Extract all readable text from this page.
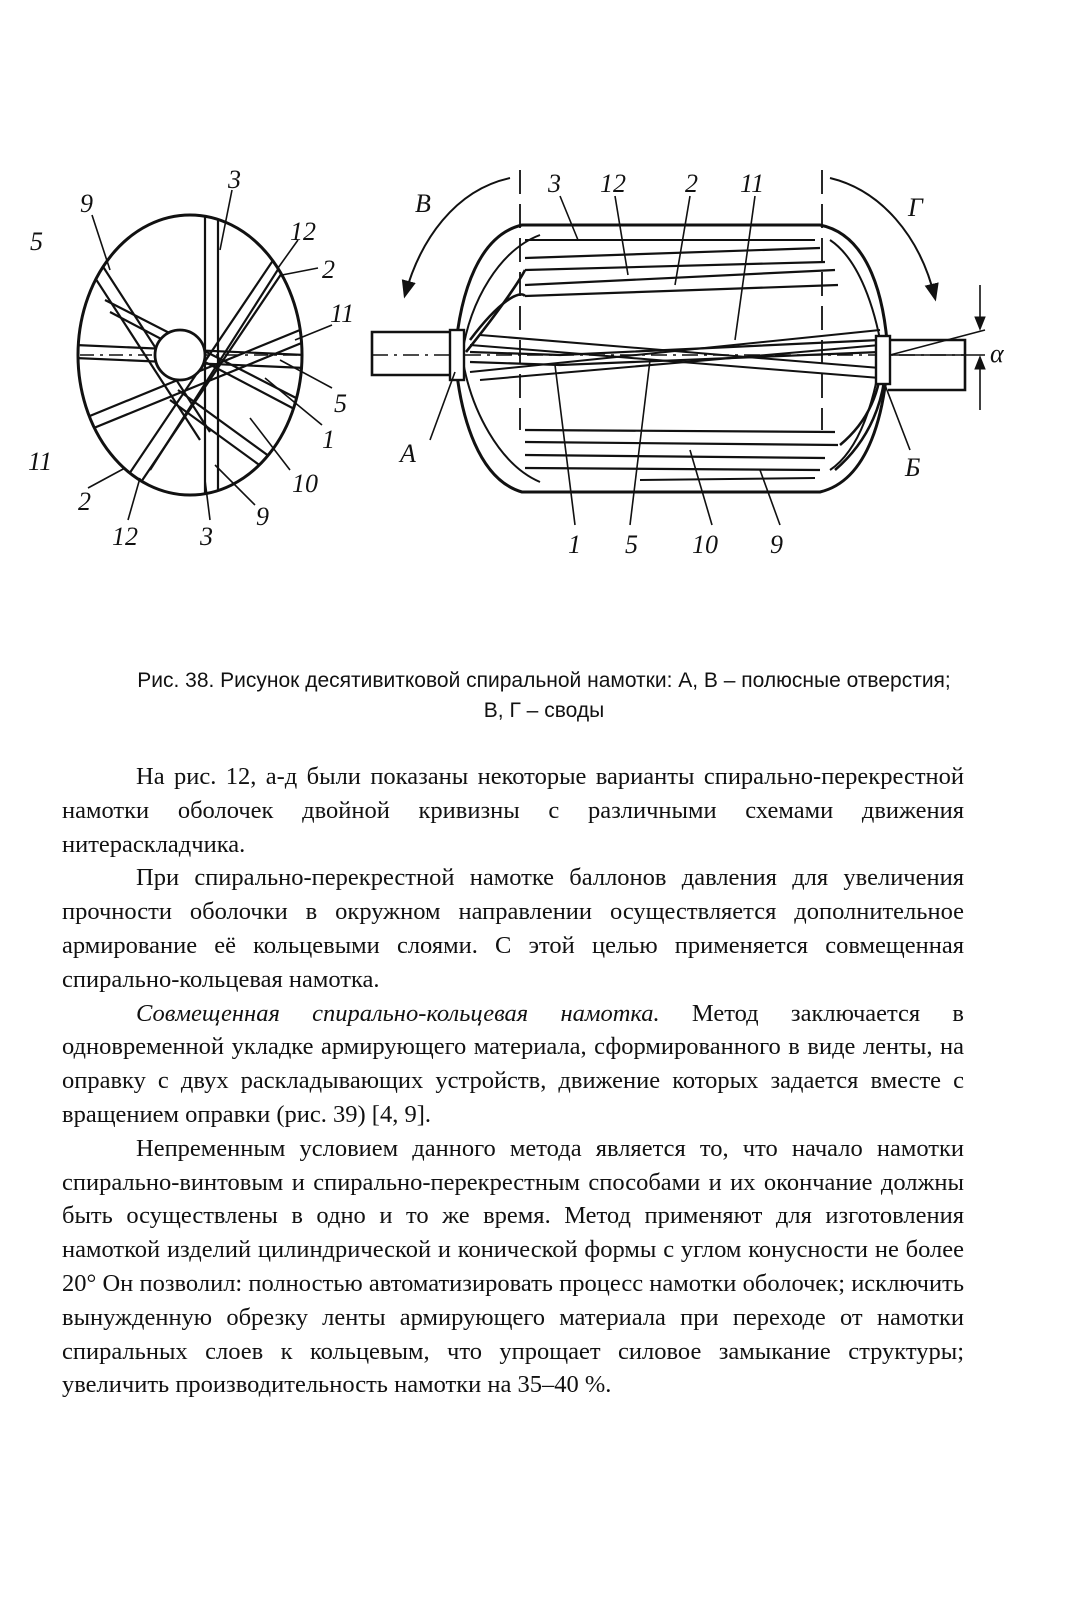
3
9
5	12
2
11
5
1
10
11
2
12 3
9
В	Г
A	Б
α
3 12 2 11
1 5 10 9
Рис. 38. Рисунок десятивитковой спиральной намотки: А, В – полюсные отверстия;
В, Г – своды

На рис. 12, а-д были показаны некоторые варианты спирально-перекрестной намотки оболочек двойной кривизны с различными схемами движения нитераскладчика.

При спирально-перекрестной намотке баллонов давления для увеличения прочности оболочки в окружном направлении осуществляется дополнительное армирование её кольцевыми слоями. С этой целью применяется совмещенная спирально-кольцевая намотка.

Совмещенная спирально-кольцевая намотка. Метод заключается в одновременной укладке армирующего материала, сформированного в виде ленты, на оправку с двух раскладывающих устройств, движение которых задается вместе с вращением оправки (рис. 39) [4, 9].

Непременным условием данного метода является то, что начало намотки спирально-винтовым и спирально-перекрестным способами и их окончание должны быть осуществлены в одно и то же время. Метод применяют для изготовления намоткой изделий цилиндрической и конической формы с углом конусности не более 20° Он позволил: полностью автоматизировать процесс намотки оболочек; исключить вынужденную обрезку ленты армирующего материала при переходе от намотки спиральных слоев к кольцевым, что упрощает силовое замыкание структуры; увеличить производительность намотки на 35–40 %.
